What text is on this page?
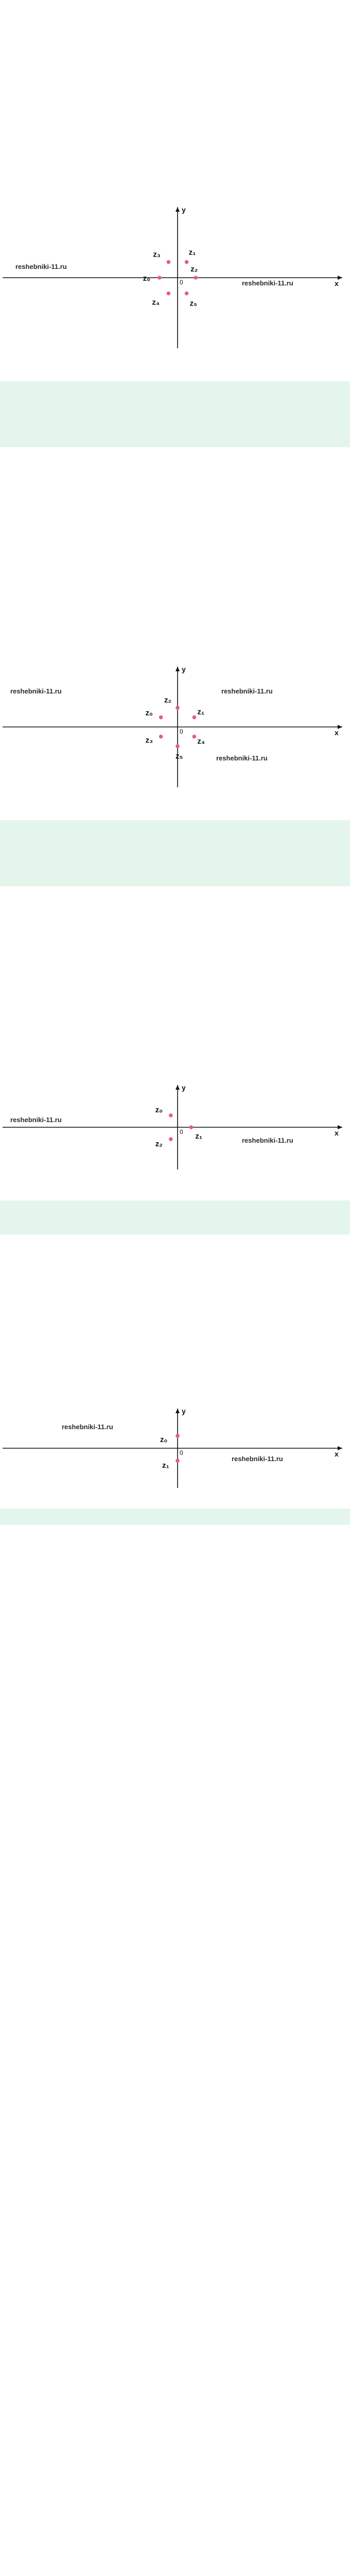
x
y
0
z₂
z₁
z₃
z₀
z₄	z₅
reshebniki-11.ru
reshebniki-11.ru
x
y
0
z₁
z₂
z₀
z₃
z₅
z₄
reshebniki-11.ru	reshebniki-11.ru
reshebniki-11.ru
x
y
0 z₁
z₀
z₂
reshebniki-11.ru
reshebniki-11.ru
x
y
0
z₀
z₁
reshebniki-11.ru
reshebniki-11.ru
